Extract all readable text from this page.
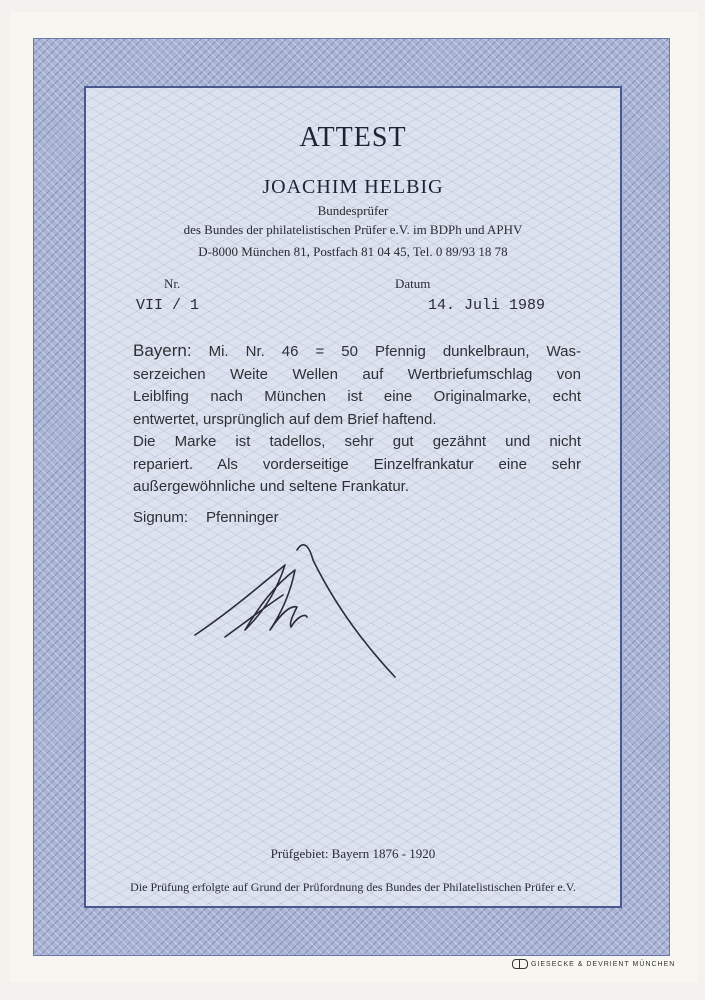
ATTEST
JOACHIM HELBIG
Bundesprüfer
des Bundes der philatelistischen Prüfer e.V. im BDPh und APHV
D-8000 München 81, Postfach 81 04 45, Tel. 0 89/93 18 78
Nr.	Datum
VII / 1	14. Juli 1989
Bayern: Mi. Nr. 46 = 50 Pfennig dunkelbraun, Was-
serzeichen Weite Wellen auf Wertbriefumschlag von
Leiblfing nach München ist eine Originalmarke, echt
entwertet, ursprünglich auf dem Brief haftend.
Die Marke ist tadellos, sehr gut gezähnt und nicht
repariert. Als vorderseitige Einzelfrankatur eine sehr
außergewöhnliche und seltene Frankatur.
Signum: Pfenninger
Prüfgebiet: Bayern 1876 - 1920
Die Prüfung erfolgte auf Grund der Prüfordnung des Bundes der Philatelistischen Prüfer e.V.
GIESECKE & DEVRIENT MÜNCHEN
